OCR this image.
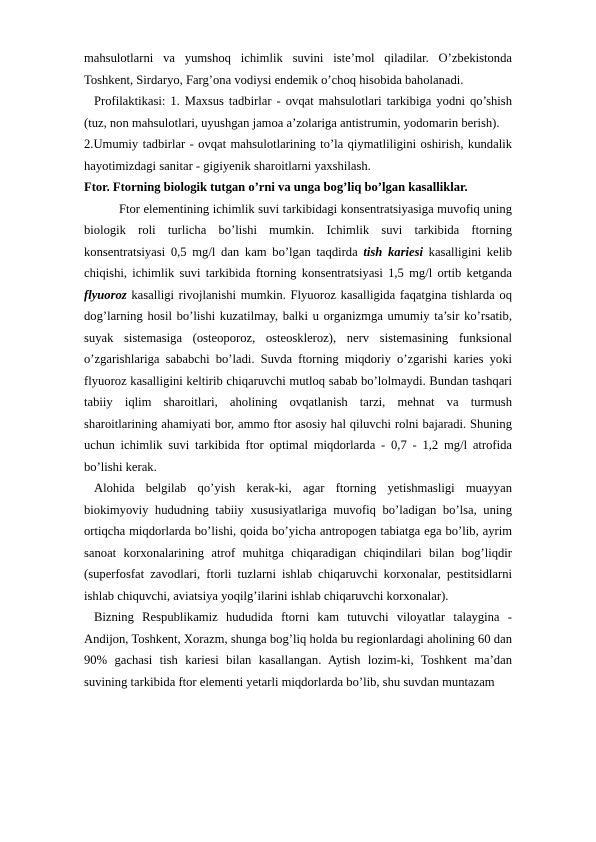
mahsulotlarni va yumshoq ichimlik suvini iste’mol qiladilar. O’zbekistonda Toshkent, Sirdaryo, Farg’ona vodiysi endemik o’choq hisobida baholanadi.

Profilaktikasi: 1. Maxsus tadbirlar - ovqat mahsulotlari tarkibiga yodni qo’shish (tuz, non mahsulotlari, uyushgan jamoa a’zolariga antistrumin, yodomarin berish).

2.Umumiy tadbirlar - ovqat mahsulotlarining to’la qiymatliligini oshirish, kundalik hayotimizdagi sanitar - gigiyenik sharoitlarni yaxshilash.

Ftor. Ftorning biologik tutgan o’rni va unga bog’liq bo’lgan kasalliklar.

Ftor elementining ichimlik suvi tarkibidagi konsentratsiyasiga muvofiq uning biologik roli turlicha bo’lishi mumkin. Ichimlik suvi tarkibida ftorning konsentratsiyasi 0,5 mg/l dan kam bo’lgan taqdirda tish kariesi kasalligini kelib chiqishi, ichimlik suvi tarkibida ftorning konsentratsiyasi 1,5 mg/l ortib ketganda flyuoroz kasalligi rivojlanishi mumkin. Flyuoroz kasalligida faqatgina tishlarda oq dog’larning hosil bo’lishi kuzatilmay, balki u organizmga umumiy ta’sir ko’rsatib, suyak sistemasiga (osteoporoz, osteoskleroz), nerv sistemasining funksional o’zgarishlariga sababchi bo’ladi. Suvda ftorning miqdoriy o’zgarishi karies yoki flyuoroz kasalligini keltirib chiqaruvchi mutloq sabab bo’lolmaydi. Bundan tashqari tabiiy iqlim sharoitlari, aholining ovqatlanish tarzi, mehnat va turmush sharoitlarining ahamiyati bor, ammo ftor asosiy hal qiluvchi rolni bajaradi. Shuning uchun ichimlik suvi tarkibida ftor optimal miqdorlarda - 0,7 - 1,2 mg/l atrofida bo’lishi kerak.

Alohida belgilab qo’yish kerak-ki, agar ftorning yetishmasligi muayyan biokimyoviy hududning tabiiy xususiyatlariga muvofiq bo’ladigan bo’lsa, uning ortiqcha miqdorlarda bo’lishi, qoida bo’yicha antropogen tabiatga ega bo’lib, ayrim sanoat korxonalarining atrof muhitga chiqaradigan chiqindilari bilan bog’liqdir (superfosfat zavodlari, ftorli tuzlarni ishlab chiqaruvchi korxonalar, pestitsidlarni ishlab chiquvchi, aviatsiya yoqilg’ilarini ishlab chiqaruvchi korxonalar).

Bizning Respublikamiz hududida ftorni kam tutuvchi viloyatlar talaygina - Andijon, Toshkent, Xorazm, shunga bog’liq holda bu regionlardagi aholining 60 dan 90% gachasi tish kariesi bilan kasallangan. Aytish lozim-ki, Toshkent ma’dan suvining tarkibida ftor elementi yetarli miqdorlarda bo’lib, shu suvdan muntazam
